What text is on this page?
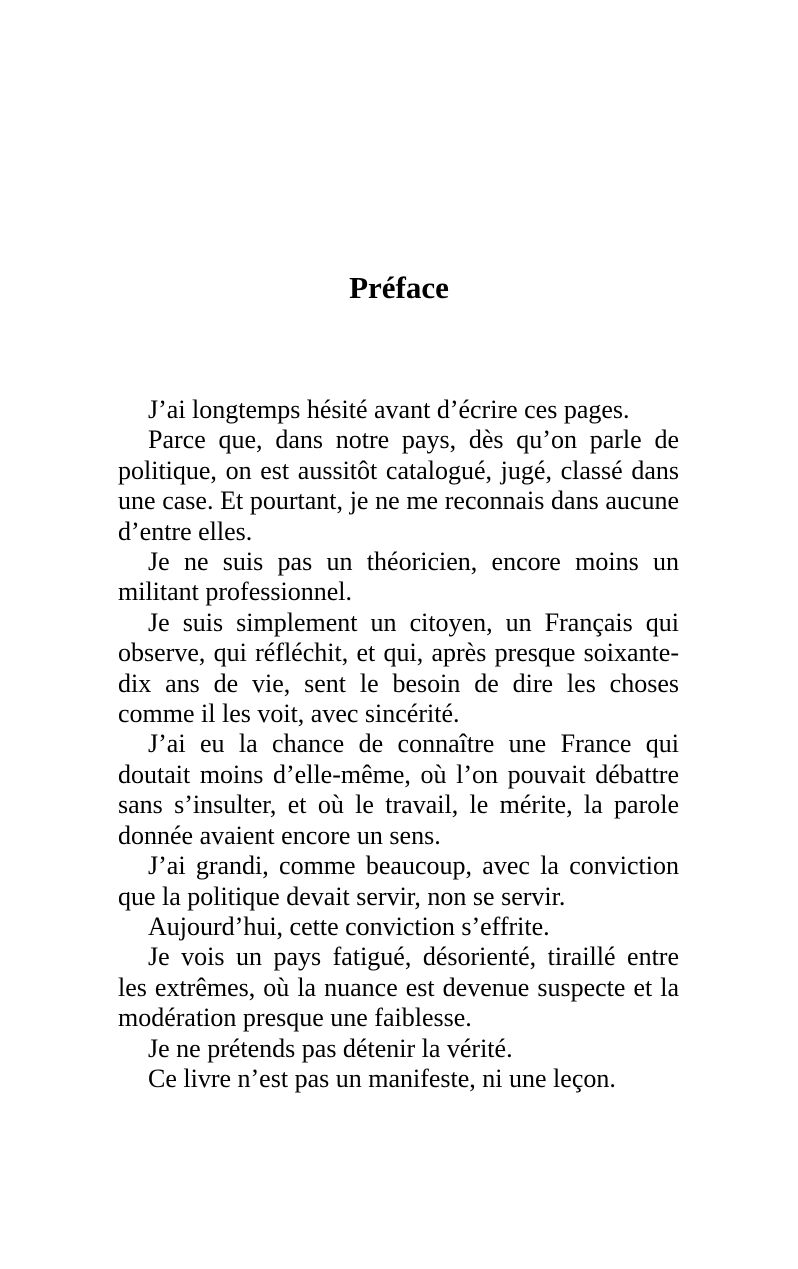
Préface

J’ai longtemps hésité avant d’écrire ces pages.

Parce que, dans notre pays, dès qu’on parle de politique, on est aussitôt catalogué, jugé, classé dans une case. Et pourtant, je ne me reconnais dans aucune d’entre elles.

Je ne suis pas un théoricien, encore moins un militant professionnel.

Je suis simplement un citoyen, un Français qui observe, qui réfléchit, et qui, après presque soixante-dix ans de vie, sent le besoin de dire les choses comme il les voit, avec sincérité.

J’ai eu la chance de connaître une France qui doutait moins d’elle-même, où l’on pouvait débattre sans s’insulter, et où le travail, le mérite, la parole donnée avaient encore un sens.

J’ai grandi, comme beaucoup, avec la conviction que la politique devait servir, non se servir.

Aujourd’hui, cette conviction s’effrite.

Je vois un pays fatigué, désorienté, tiraillé entre les extrêmes, où la nuance est devenue suspecte et la modération presque une faiblesse.

Je ne prétends pas détenir la vérité.

Ce livre n’est pas un manifeste, ni une leçon.
